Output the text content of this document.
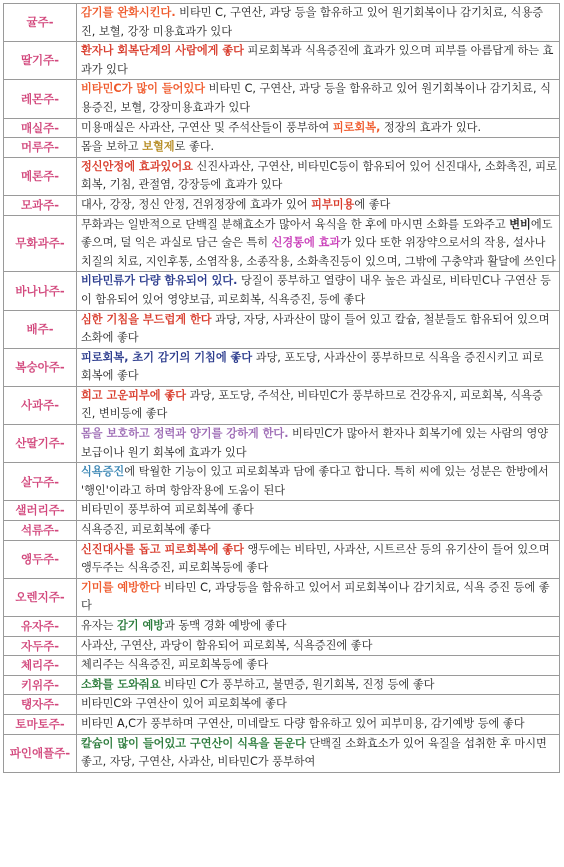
귤주-	감기를 완화시킨다. 비타민 C, 구연산, 과당 등을 함유하고 있어 원기회복이나 감기치료, 식용증진, 보혈, 강장 미용효과가 있다
딸기주-	환자나 회복단계의 사람에게 좋다 피로회복과 식욕증진에 효과가 있으며 피부를 아름답게 하는 효과가 있다
레몬주-	비타민C가 많이 들어있다 비타민 C, 구연산, 과당 등을 함유하고 있어 원기회복이나 감기치료, 식용증진, 보혈, 강장미용효과가 있다
매실주-	미용매실은 사과산, 구연산 및 주석산들이 풍부하여 피로회복, 정장의 효과가 있다.
머루주-	몸을 보하고 보혈제로 좋다.
메론주-	정신안정에 효과있어요 신진사과산, 구연산, 비타민C등이 함유되어 있어 신진대사, 소화촉진, 피로회복, 기침, 관절염, 강장등에 효과가 있다
모과주-	대사, 강장, 정신 안정, 건위정장에 효과가 있어 피부미용에 좋다
무화과주-	무화과는 일반적으로 단백질 분해효소가 많아서 육식을 한 후에 마시면 소화를 도와주고 변비에도 좋으며, 덜 익은 과실로 담근 술은 특히 신경통에 효과가 있다 또한 위장약으로서의 작용, 설사나 치질의 치료, 지인후통, 소염작용, 소종작용, 소화촉진등이 있으며, 그밖에 구충약과 활달에 쓰인다
바나나주-	비타민류가 다량 함유되어 있다. 당질이 풍부하고 열량이 내우 높은 과실로, 비타민C나 구연산 등이 함유되어 있어 영양보급, 피로회복, 식욕증진, 등에 좋다
배주-	심한 기침을 부드럽게 한다 과당, 자당, 사과산이 많이 들어 있고 칼슘, 철분들도 함유되어 있으며 소화에 좋다
복숭아주-	피로회복, 초기 감기의 기침에 좋다 과당, 포도당, 사과산이 풍부하므로 식욕을 증진시키고 피로 회복에 좋다
사과주-	희고 고운피부에 좋다 과당, 포도당, 주석산, 비타민C가 풍부하므로 건강유지, 피로회복, 식욕증진, 변비등에 좋다
산딸기주-	몸을 보호하고 정력과 양기를 강하게 한다. 비타민C가 많아서 환자나 회복기에 있는 사람의 영양 보급이나 원기 회복에 효과가 있다
살구주-	식욕증진에 탁월한 기능이 있고 피로회복과 담에 좋다고 합니다. 특히 씨에 있는 성분은 한방에서 '행인'이라고 하며 항암작용에 도움이 된다
샐러리주-	비타민이 풍부하여 피로회복에 좋다
석류주-	식욕증진, 피로회복에 좋다
앵두주-	신진대사를 돕고 피로회복에 좋다 앵두에는 비타민, 사과산, 시트르산 등의 유기산이 들어 있으며 앵두주는 식욕증진, 피로회복등에 좋다
오렌지주-	기미를 예방한다 비타민 C, 과당등을 함유하고 있어서 피로회복이나 감기치료, 식욕 증진 등에 좋다
유자주-	유자는 감기 예방과 동맥 경화 예방에 좋다
자두주-	사과산, 구연산, 과당이 함유되어 피로회복, 식욕증진에 좋다
체리주-	체리주는 식욕증진, 피로회복등에 좋다
키위주-	소화를 도와줘요 비타민 C가 풍부하고, 불면증, 원기회복, 진정 등에 좋다
탱자주-	비타민C와 구연산이 있어 피로회복에 좋다
토마토주-	비타민 A,C가 풍부하며 구연산, 미네랄도 다량 함유하고 있어 피부미용, 감기예방 등에 좋다
파인애플주-	칼슘이 많이 들어있고 구연산이 식욕을 돋운다 단백질 소화효소가 있어 육질을 섭취한 후 마시면 좋고, 자당, 구연산, 사과산, 비타민C가 풍부하여
